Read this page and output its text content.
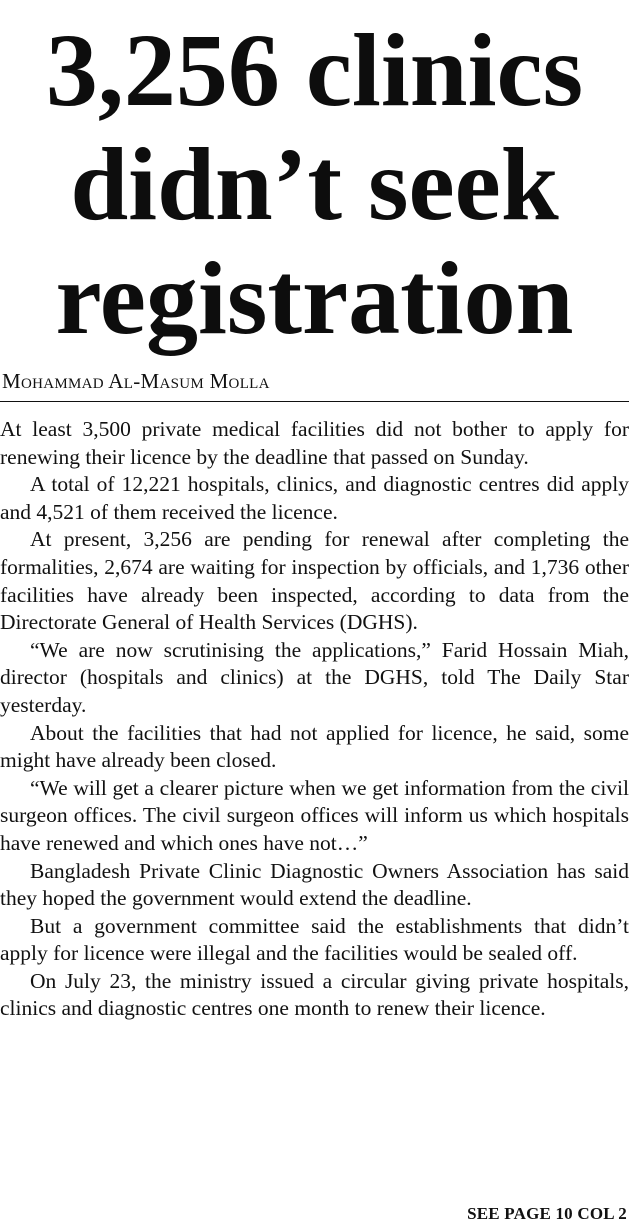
3,256 clinics
didn’t seek
registration
Mohammad Al-Masum Molla

At least 3,500 private medical facilities did not bother to apply for renewing their licence by the deadline that passed on Sunday.

A total of 12,221 hospitals, clinics, and diagnostic centres did apply and 4,521 of them received the licence.

At present, 3,256 are pending for renewal after completing the formalities, 2,674 are waiting for inspection by officials, and 1,736 other facilities have already been inspected, according to data from the Directorate General of Health Services (DGHS).

“We are now scrutinising the applications,” Farid Hossain Miah, director (hospitals and clinics) at the DGHS, told The Daily Star yesterday.

About the facilities that had not applied for licence, he said, some might have already been closed.

“We will get a clearer picture when we get information from the civil surgeon offices. The civil surgeon offices will inform us which hospitals have renewed and which ones have not…”

Bangladesh Private Clinic Diagnostic Owners Association has said they hoped the government would extend the deadline.

But a government committee said the establishments that didn’t apply for licence were illegal and the facilities would be sealed off.

On July 23, the ministry issued a circular giving private hospitals, clinics and diagnostic centres one month to renew their licence.

SEE PAGE 10 COL 2
